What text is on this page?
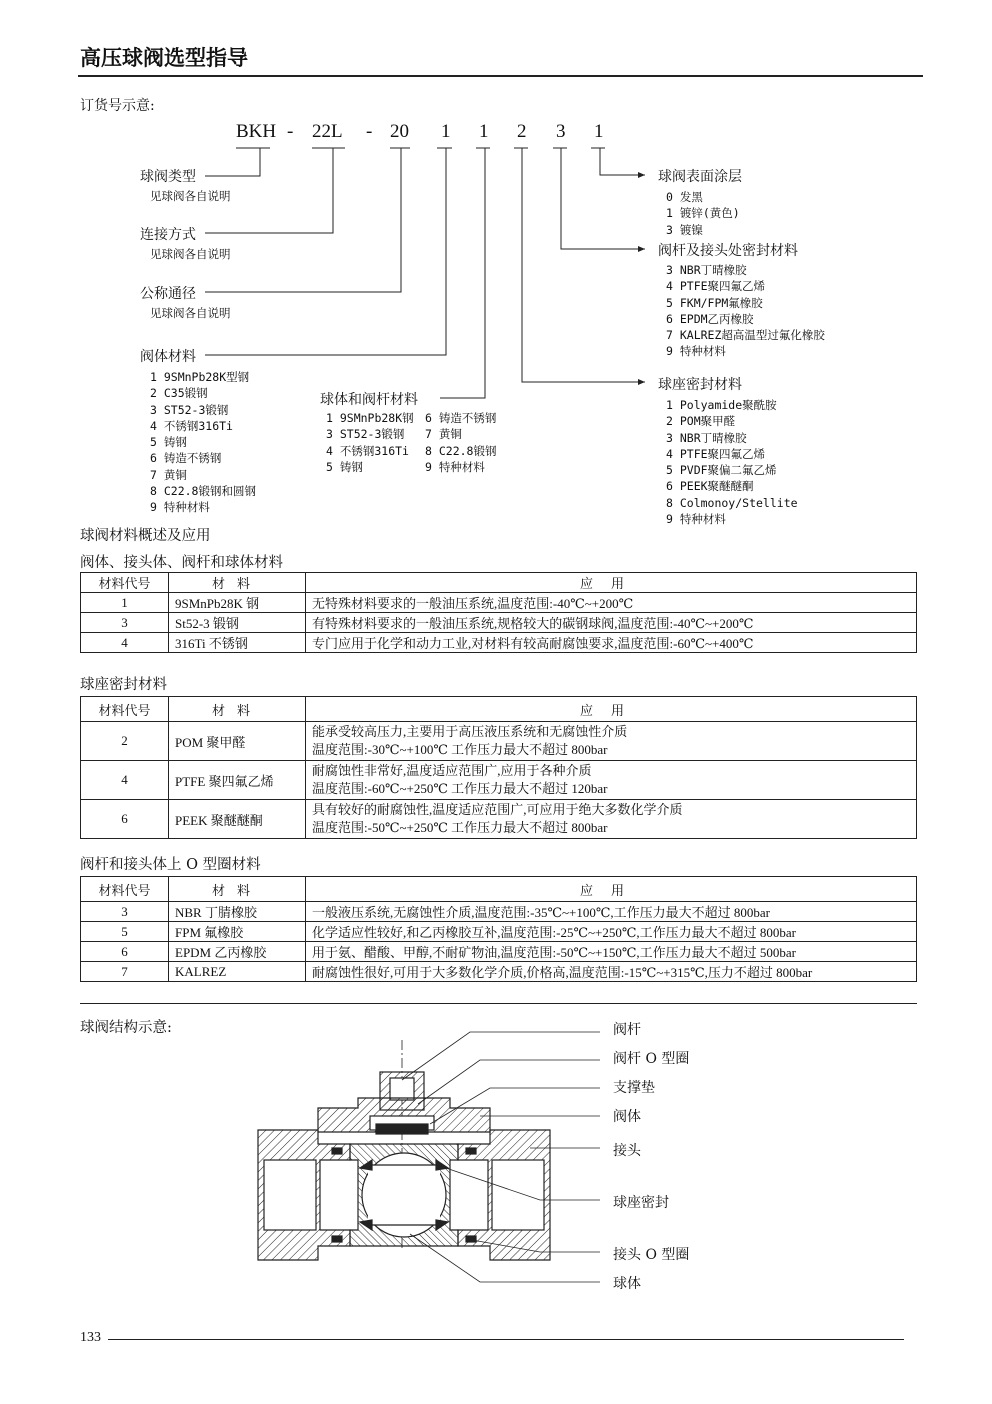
高压球阀选型指导
订货号示意:
BKH - 22L - 20 1 1 2 3 1
球阀类型
见球阀各自说明
连接方式
见球阀各自说明
公称通径
见球阀各自说明
阀体材料
1 9SMnPb28K型钢
2 C35锻钢
3 ST52-3锻钢
4 不锈钢316Ti
5 铸钢
6 铸造不锈钢
7 黄铜
8 C22.8锻钢和圆钢
9 特种材料
球体和阀杆材料
1 9SMnPb28K钢
3 ST52-3锻钢
4 不锈钢316Ti
5 铸钢
6 铸造不锈钢
7 黄铜
8 C22.8锻钢
9 特种材料
球阀表面涂层
0 发黑
1 镀锌(黄色)
3 镀镍
阀杆及接头处密封材料
3 NBR丁晴橡胶
4 PTFE聚四氟乙烯
5 FKM/FPM氟橡胶
6 EPDM乙丙橡胶
7 KALREZ超高温型过氟化橡胶
9 特种材料
球座密封材料
1 Polyamide聚酰胺
2 POM聚甲醛
3 NBR丁晴橡胶
4 PTFE聚四氟乙烯
5 PVDF聚偏二氟乙烯
6 PEEK聚醚醚酮
8 Colmonoy/Stellite
9 特种材料
球阀材料概述及应用
阀体、接头体、阀杆和球体材料
材料代号	材料	应用
1	9SMnPb28K 钢	无特殊材料要求的一般油压系统,温度范围:-40℃~+200℃
3	St52-3 锻钢	有特殊材料要求的一般油压系统,规格较大的碳钢球阀,温度范围:-40℃~+200℃
4	316Ti 不锈钢	专门应用于化学和动力工业,对材料有较高耐腐蚀要求,温度范围:-60℃~+400℃
球座密封材料
材料代号	材料	应用
2	POM 聚甲醛	能承受较高压力,主要用于高压液压系统和无腐蚀性介质
温度范围:-30℃~+100℃ 工作压力最大不超过 800bar

4	PTFE 聚四氟乙烯	耐腐蚀性非常好,温度适应范围广,应用于各种介质
温度范围:-60℃~+250℃ 工作压力最大不超过 120bar

6	PEEK 聚醚醚酮	具有较好的耐腐蚀性,温度适应范围广,可应用于绝大多数化学介质
温度范围:-50℃~+250℃ 工作压力最大不超过 800bar
阀杆和接头体上 O 型圈材料
材料代号	材料	应用
3	NBR 丁腈橡胶	一般液压系统,无腐蚀性介质,温度范围:-35℃~+100℃,工作压力最大不超过 800bar
5	FPM 氟橡胶	化学适应性较好,和乙丙橡胶互补,温度范围:-25℃~+250℃,工作压力最大不超过 800bar
6	EPDM 乙丙橡胶	用于氨、醋酸、甲醇,不耐矿物油,温度范围:-50℃~+150℃,工作压力最大不超过 500bar
7	KALREZ	耐腐蚀性很好,可用于大多数化学介质,价格高,温度范围:-15℃~+315℃,压力不超过 800bar
球阀结构示意:	阀杆
阀杆 O 型圈
支撑垫
阀体
接头
球座密封
接头 O 型圈
球体
133
